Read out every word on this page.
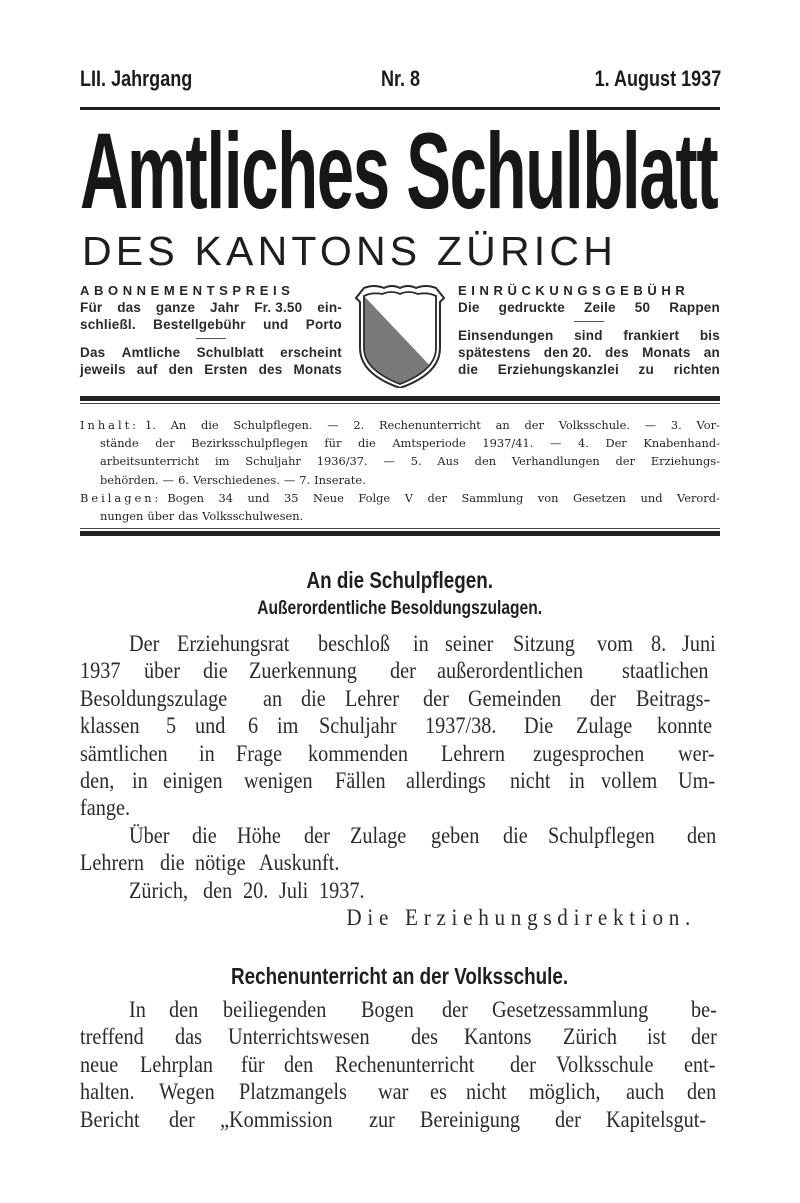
LII. Jahrgang	Nr. 8	1. August 1937
Amtliches Schulblatt
DES KANTONS ZÜRICH
ABONNEMENTSPREIS
Für das ganze Jahr Fr. 3.50 ein-
schließl. Bestellgebühr und Porto
Das Amtliche Schulblatt erscheint
jeweils auf den Ersten des Monats
EINRÜCKUNGSGEBÜHR
Die gedruckte Zeile 50 Rappen
Einsendungen sind frankiert bis
spätestens den 20. des Monats an
die Erziehungskanzlei zu richten
Inhalt: 1. An die Schulpflegen. — 2. Rechenunterricht an der Volksschule. — 3. Vor-
stände der Bezirksschulpflegen für die Amtsperiode 1937/41. — 4. Der Knabenhand-
arbeitsunterricht im Schuljahr 1936/37. — 5. Aus den Verhandlungen der Erziehungs-
behörden. — 6. Verschiedenes. — 7. Inserate.
Beilagen: Bogen 34 und 35 Neue Folge V der Sammlung von Gesetzen und Verord-
nungen über das Volksschulwesen.
An die Schulpflegen.
Außerordentliche Besoldungszulagen.
Der Erziehungsrat beschloß in seiner Sitzung vom 8. Juni
1937 über die Zuerkennung der außerordentlichen staatlichen
Besoldungszulage an die Lehrer der Gemeinden der Beitrags-
klassen 5 und 6 im Schuljahr 1937/38. Die Zulage konnte
sämtlichen in Frage kommenden Lehrern zugesprochen wer-
den, in einigen wenigen Fällen allerdings nicht in vollem Um-
fange.
Über die Höhe der Zulage geben die Schulpflegen den
Lehrern die nötige Auskunft.
Zürich, den 20. Juli 1937.
Die Erziehungsdirektion.
Rechenunterricht an der Volksschule.
In den beiliegenden Bogen der Gesetzessammlung be-
treffend das Unterrichtswesen des Kantons Zürich ist der
neue Lehrplan für den Rechenunterricht der Volksschule ent-
halten. Wegen Platzmangels war es nicht möglich, auch den
Bericht der „Kommission zur Bereinigung der Kapitelsgut-
